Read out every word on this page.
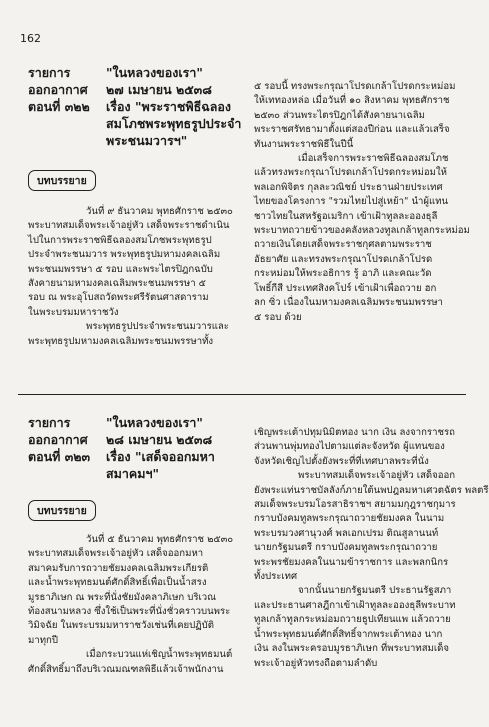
162
รายการ
ออกอากาศ
ตอนที่ ๓๒๒
"ในหลวงของเรา"
๒๗ เมษายน ๒๕๓๘
เรื่อง "พระราชพิธีฉลอง
สมโภชพระพุทธรูปประจำ
พระชนมวารฯ"
บทบรรยาย
วันที่ ๙ ธันวาคม พุทธศักราช ๒๕๓๐
พระบาทสมเด็จพระเจ้าอยู่หัว เสด็จพระราชดำเนิน
ไปในการพระราชพิธีฉลองสมโภชพระพุทธรูป
ประจำพระชนมวาร พระพุทธรูปมหามงคลเฉลิม
พระชนมพรรษา ๕ รอบ และพระไตรปิฎกฉบับ
สังคายนามหามงคลเฉลิมพระชนมพรรษา ๕
รอบ ณ พระอุโบสถวัดพระศรีรัตนศาสดาราม
ในพระบรมมหาราชวัง
พระพุทธรูปประจำพระชนมวารและ
พระพุทธรูปมหามงคลเฉลิมพระชนมพรรษาทั้ง
๕ รอบนี้ ทรงพระกรุณาโปรดเกล้าโปรดกระหม่อม
ให้เททองหล่อ เมื่อวันที่ ๑๐ สิงหาคม พุทธศักราช
๒๕๓๐ ส่วนพระไตรปิฎกได้สังคายนาเฉลิม
พระราชศรัทธามาตั้งแต่สองปีก่อน และแล้วเสร็จ
ทันงานพระราชพิธีในปีนี้
เมื่อเสร็จการพระราชพิธีฉลองสมโภช
แล้วทรงพระกรุณาโปรดเกล้าโปรดกระหม่อมให้
พลเอกพิจิตร กุลละวณิชย์ ประธานฝ่ายประเทศ
ไทยของโครงการ "รวมไทยไปสู่เหย้า" นำผู้แทน
ชาวไทยในสหรัฐอเมริกา เข้าเฝ้าทูลละอองธุลี
พระบาทถวายข้าวของคลังหลวงทูลเกล้าทูลกระหม่อม
ถวายเงินโดยเสด็จพระราชกุศลตามพระราช
อัธยาศัย และทรงพระกรุณาโปรดเกล้าโปรด
กระหม่อมให้พระอธิการ รู้ อาภิ และคณะวัด
โพธิ์กีสี ประเทศสิงคโปร์ เข้าเฝ้าเพื่อถวาย ฮก
ลก ซิ่ว เนื่องในมหามงคลเฉลิมพระชนมพรรษา
๕ รอบ ด้วย
รายการ
ออกอากาศ
ตอนที่ ๓๒๓
"ในหลวงของเรา"
๒๘ เมษายน ๒๕๓๘
เรื่อง "เสด็จออกมหา
สมาคมฯ"
บทบรรยาย
วันที่ ๕ ธันวาคม พุทธศักราช ๒๕๓๐
พระบาทสมเด็จพระเจ้าอยู่หัว เสด็จออกมหา
สมาคมรับการถวายชัยมงคลเฉลิมพระเกียรติ
และน้ำพระพุทธมนต์ศักดิ์สิทธิ์เพื่อเป็นน้ำสรง
มูรธาภิเษก ณ พระที่นั่งชัยมังคลาภิเษก บริเวณ
ท้องสนามหลวง ซึ่งใช้เป็นพระที่นั่งชั่วคราวบนพระ
วิมิจฉัย ในพระบรมมหาราชวังเช่นที่เคยปฏิบัติ
มาทุกปี
เมื่อกระบวนแห่เชิญน้ำพระพุทธมนต์
ศักดิ์สิทธิ์มาถึงบริเวณมณฑลพิธีแล้วเจ้าพนักงาน
เชิญพระเต้าปทุมนิมิตทอง นาก เงิน ลงจากราชรถ
ส่วนพานพุ่มทองไปตามแต่ละจังหวัด ผู้แทนของ
จังหวัดเชิญไปตั้งยังพระที่ที่เทศบาลพระที่นั่ง
พระบาทสมเด็จพระเจ้าอยู่หัว เสด็จออก
ยังพระแท่นราชบัลลังก์ภายใต้นพปฎลมหาเศวตฉัตร พลตรี
สมเด็จพระบรมโอรสาธิราชฯ สยามมกุฎราชกุมาร
กราบบังคมทูลพระกรุณาถวายชัยมงคล ในนาม
พระบรมวงศานุวงศ์ พลเอกเปรม ติณสูลานนท์
นายกรัฐมนตรี กราบบังคมทูลพระกรุณาถวาย
พระพรชัยมงคลในนามข้าราชการ และพลกนิกร
ทั้งประเทศ
จากนั้นนายกรัฐมนตรี ประธานรัฐสภา
และประธานศาลฎีกาเข้าเฝ้าทูลละอองธุลีพระบาท
ทูลเกล้าทูลกระหม่อมถวายธูปเทียนแพ แล้วถวาย
น้ำพระพุทธมนต์ศักดิ์สิทธิ์จากพระเต้าทอง นาก
เงิน ลงในพระครอบมูรธาภิเษก ที่พระบาทสมเด็จ
พระเจ้าอยู่หัวทรงถือตามลำดับ
